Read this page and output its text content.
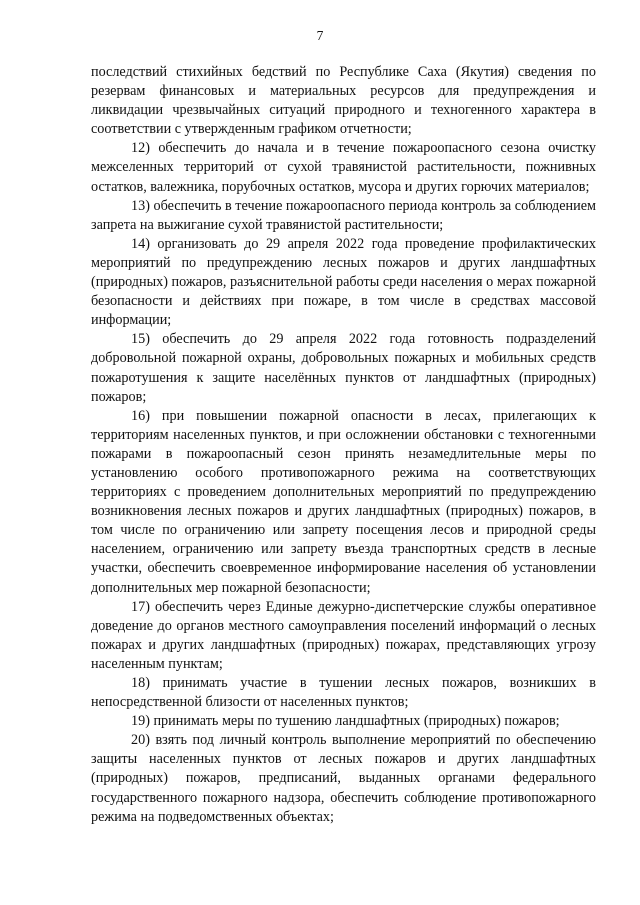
7

последствий стихийных бедствий по Республике Саха (Якутия) сведения по резервам финансовых и материальных ресурсов для предупреждения и ликвидации чрезвычайных ситуаций природного и техногенного характера в соответствии с утвержденным графиком отчетности;

12) обеспечить до начала и в течение пожароопасного сезона очистку межселенных территорий от сухой травянистой растительности, пожнивных остатков, валежника, порубочных остатков, мусора и других горючих материалов;

13) обеспечить в течение пожароопасного периода контроль за соблюдением запрета на выжигание сухой травянистой растительности;

14) организовать до 29 апреля 2022 года проведение профилактических мероприятий по предупреждению лесных пожаров и других ландшафтных (природных) пожаров, разъяснительной работы среди населения о мерах пожарной безопасности и действиях при пожаре, в том числе в средствах массовой информации;

15) обеспечить до 29 апреля 2022 года готовность подразделений добровольной пожарной охраны, добровольных пожарных и мобильных средств пожаротушения к защите населённых пунктов от ландшафтных (природных) пожаров;

16) при повышении пожарной опасности в лесах, прилегающих к территориям населенных пунктов, и при осложнении обстановки с техногенными пожарами в пожароопасный сезон принять незамедлительные меры по установлению особого противопожарного режима на соответствующих территориях с проведением дополнительных мероприятий по предупреждению возникновения лесных пожаров и других ландшафтных (природных) пожаров, в том числе по ограничению или запрету посещения лесов и природной среды населением, ограничению или запрету въезда транспортных средств в лесные участки, обеспечить своевременное информирование населения об установлении дополнительных мер пожарной безопасности;

17) обеспечить через Единые дежурно-диспетчерские службы оперативное доведение до органов местного самоуправления поселений информаций о лесных пожарах и других ландшафтных (природных) пожарах, представляющих угрозу населенным пунктам;

18) принимать участие в тушении лесных пожаров, возникших в непосредственной близости от населенных пунктов;

19) принимать меры по тушению ландшафтных (природных) пожаров;

20) взять под личный контроль выполнение мероприятий по обеспечению защиты населенных пунктов от лесных пожаров и других ландшафтных (природных) пожаров, предписаний, выданных органами федерального государственного пожарного надзора, обеспечить соблюдение противопожарного режима на подведомственных объектах;
